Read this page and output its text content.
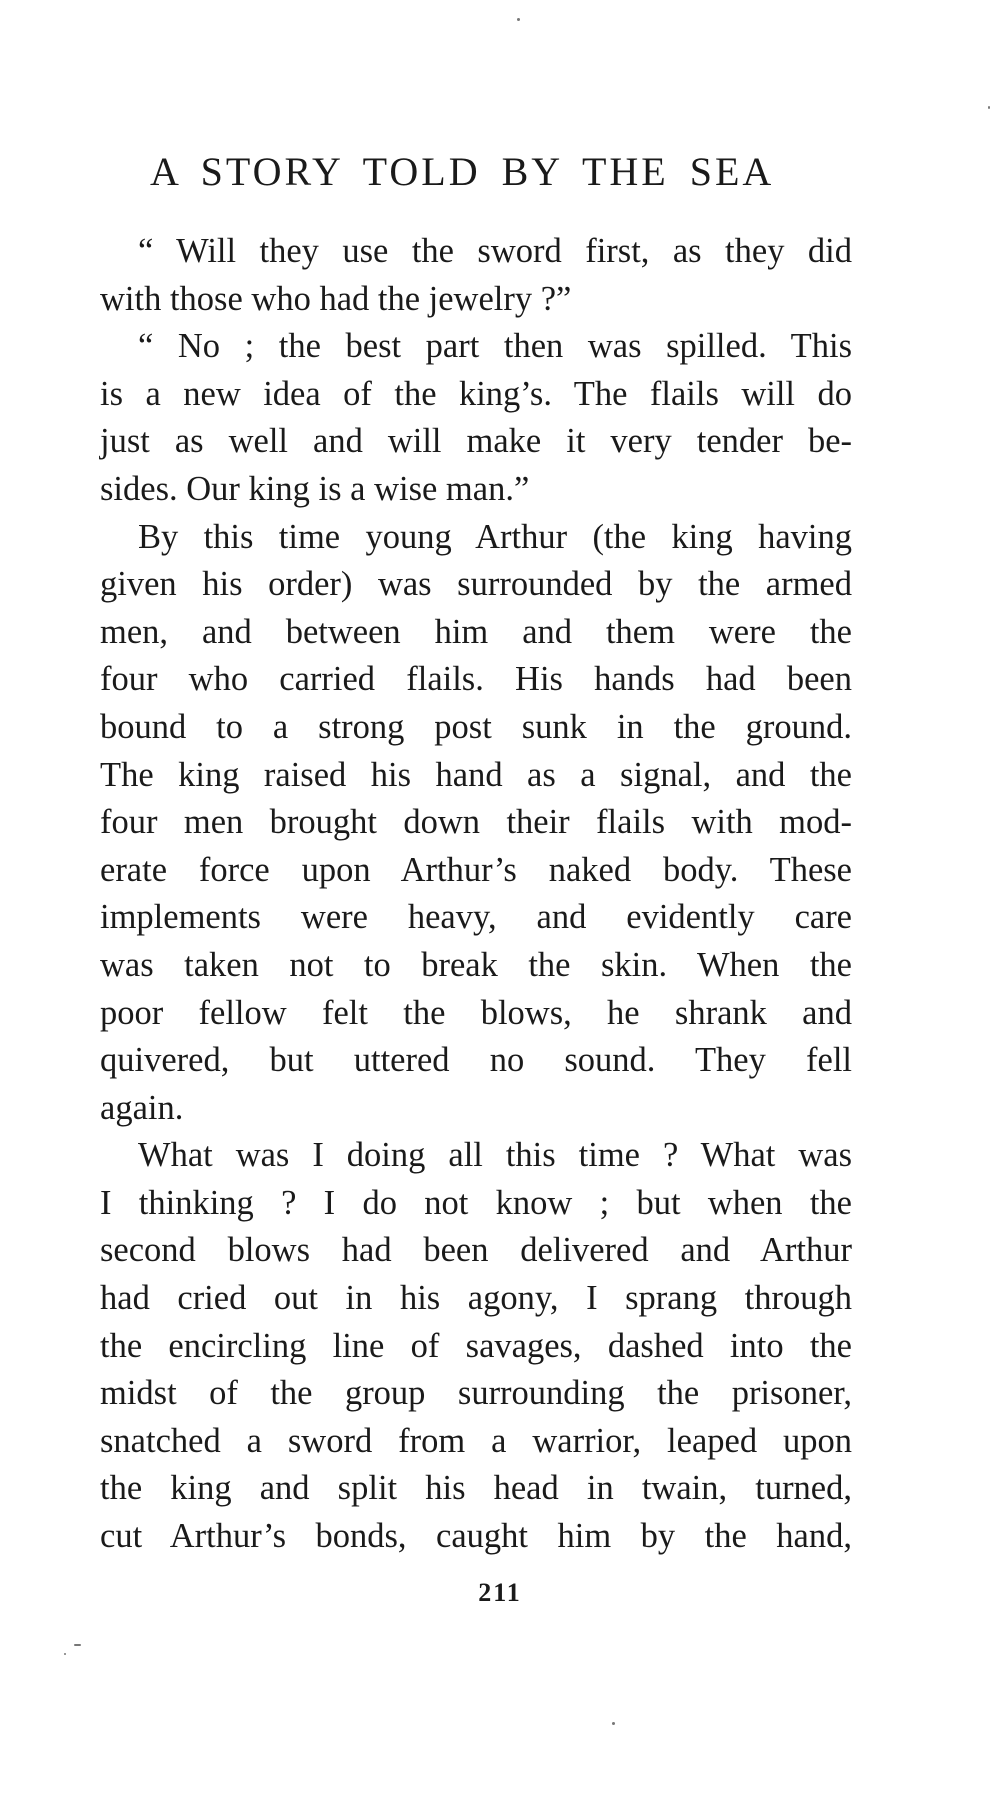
A STORY TOLD BY THE SEA
“ Will they use the sword first, as they did
with those who had the jewelry ?”
“ No ; the best part then was spilled. This
is a new idea of the king’s. The flails will do
just as well and will make it very tender be-
sides. Our king is a wise man.”
By this time young Arthur (the king having
given his order) was surrounded by the armed
men, and between him and them were the
four who carried flails. His hands had been
bound to a strong post sunk in the ground.
The king raised his hand as a signal, and the
four men brought down their flails with mod-
erate force upon Arthur’s naked body. These
implements were heavy, and evidently care
was taken not to break the skin. When the
poor fellow felt the blows, he shrank and
quivered, but uttered no sound. They fell
again.
What was I doing all this time ? What was
I thinking ? I do not know ; but when the
second blows had been delivered and Arthur
had cried out in his agony, I sprang through
the encircling line of savages, dashed into the
midst of the group surrounding the prisoner,
snatched a sword from a warrior, leaped upon
the king and split his head in twain, turned,
cut Arthur’s bonds, caught him by the hand,
211
